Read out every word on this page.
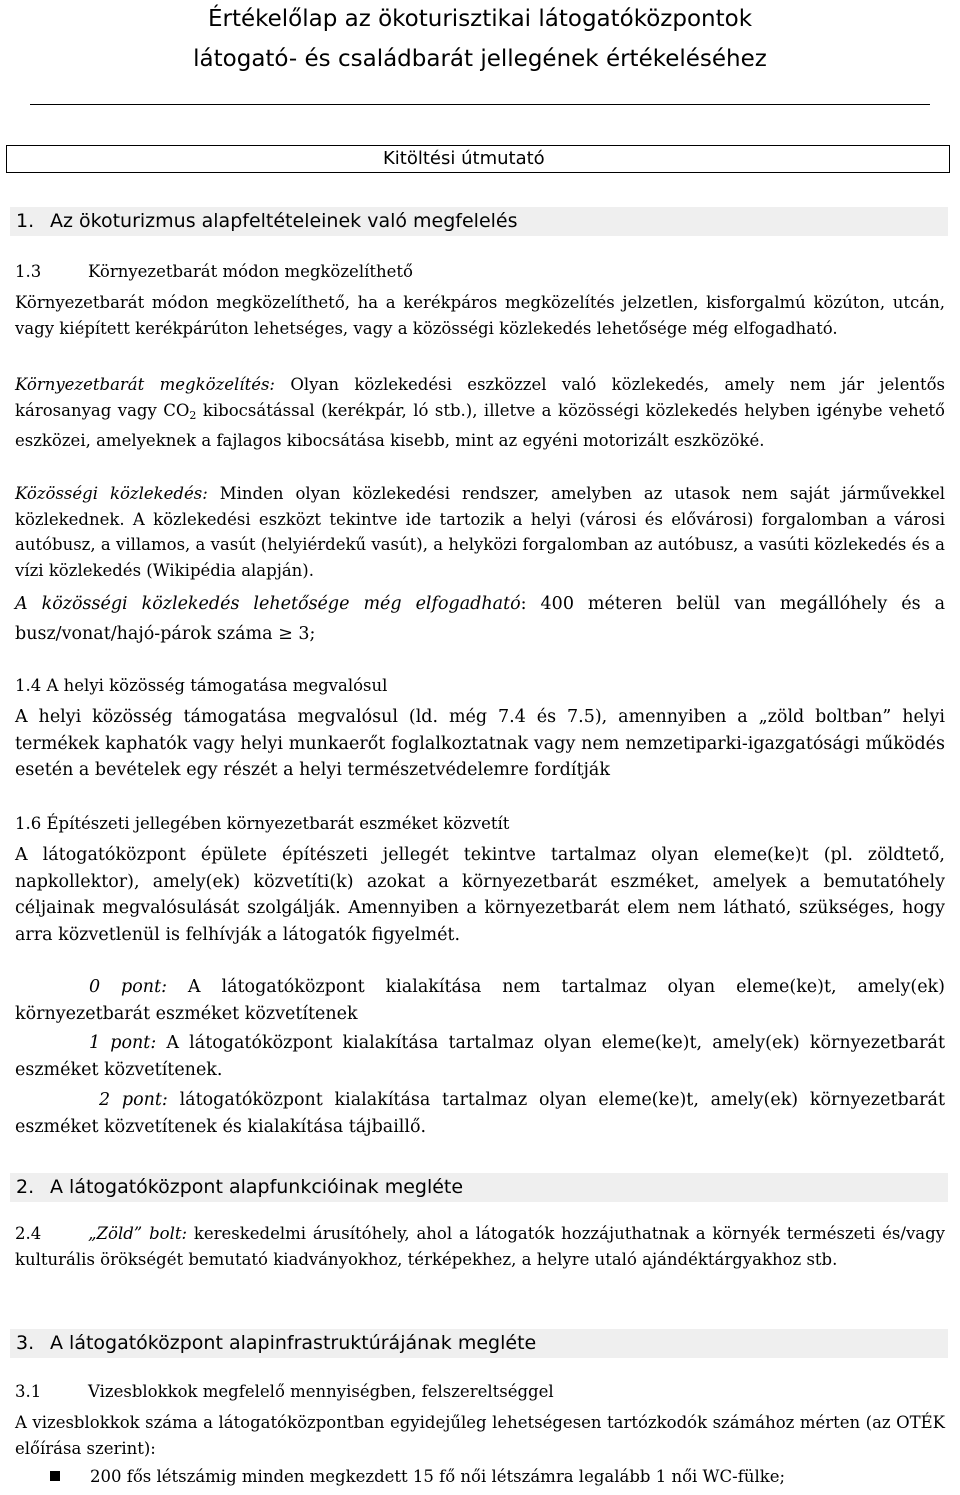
Értékelőlap az ökoturisztikai látogatóközpontok
látogató- és családbarát jellegének értékeléséhez
Kitöltési útmutató
1. Az ökoturizmus alapfeltételeinek való megfelelés
1.3	Környezetbarát módon megközelíthető
Környezetbarát módon megközelíthető, ha a kerékpáros megközelítés jelzetlen, kisforgalmú közúton, utcán, vagy kiépített kerékpárúton lehetséges, vagy a közösségi közlekedés lehetősége még elfogadható.
Környezetbarát megközelítés: Olyan közlekedési eszközzel való közlekedés, amely nem jár jelentős károsanyag vagy $CO_2$ kibocsátással (kerékpár, ló stb.), illetve a közösségi közlekedés helyben igénybe vehető eszközei, amelyeknek a fajlagos kibocsátása kisebb, mint az egyéni motorizált eszközöké.
Közösségi közlekedés: Minden olyan közlekedési rendszer, amelyben az utasok nem saját járművekkel közlekednek. A közlekedési eszközt tekintve ide tartozik a helyi (városi és elővárosi) forgalomban a városi autóbusz, a villamos, a vasút (helyiérdekű vasút), a helyközi forgalomban az autóbusz, a vasúti közlekedés és a vízi közlekedés (Wikipédia alapján).
A közösségi közlekedés lehetősége még elfogadható: 400 méteren belül van megállóhely és a busz/vonat/hajó-párok száma ≥ 3;
1.4 A helyi közösség támogatása megvalósul
A helyi közösség támogatása megvalósul (ld. még 7.4 és 7.5), amennyiben a „zöld boltban” helyi termékek kaphatók vagy helyi munkaerőt foglalkoztatnak vagy nem nemzetiparki-igazgatósági működés esetén a bevételek egy részét a helyi természetvédelemre fordítják
1.6 Építészeti jellegében környezetbarát eszméket közvetít
A látogatóközpont épülete építészeti jellegét tekintve tartalmaz olyan eleme(ke)t (pl. zöldtető, napkollektor), amely(ek) közvetíti(k) azokat a környezetbarát eszméket, amelyek a bemutatóhely céljainak megvalósulását szolgálják. Amennyiben a környezetbarát elem nem látható, szükséges, hogy arra közvetlenül is felhívják a látogatók figyelmét.
0 pont: A látogatóközpont kialakítása nem tartalmaz olyan eleme(ke)t, amely(ek) környezetbarát eszméket közvetítenek
1 pont: A látogatóközpont kialakítása tartalmaz olyan eleme(ke)t, amely(ek) környezetbarát eszméket közvetítenek.
2 pont: látogatóközpont kialakítása tartalmaz olyan eleme(ke)t, amely(ek) környezetbarát eszméket közvetítenek és kialakítása tájbaillő.
2. A látogatóközpont alapfunkcióinak megléte
2.4	„Zöld” bolt: kereskedelmi árusítóhely, ahol a látogatók hozzájuthatnak a környék természeti és/vagy kulturális örökségét bemutató kiadványokhoz, térképekhez, a helyre utaló ajándéktárgyakhoz stb.
3. A látogatóközpont alapinfrastruktúrájának megléte
3.1	Vizesblokkok megfelelő mennyiségben, felszereltséggel
A vizesblokkok száma a látogatóközpontban egyidejűleg lehetségesen tartózkodók számához mérten (az OTÉK előírása szerint):
200 fős létszámig minden megkezdett 15 fő női létszámra legalább 1 női WC-fülke;
